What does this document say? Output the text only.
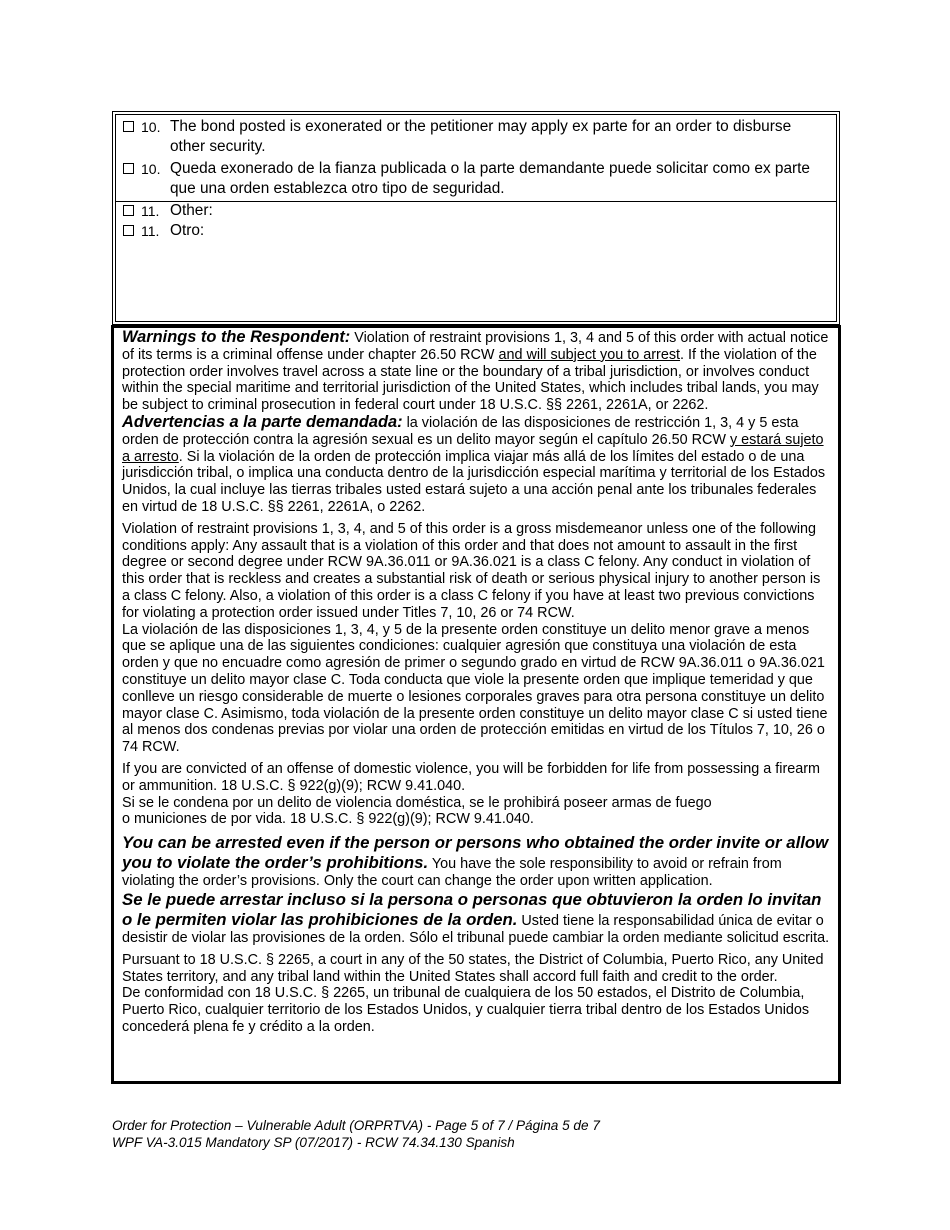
10. The bond posted is exonerated or the petitioner may apply ex parte for an order to disburse other security.
10. Queda exonerado de la fianza publicada o la parte demandante puede solicitar como ex parte que una orden establezca otro tipo de seguridad.
11. Other:
11. Otro:

Warnings to the Respondent: Violation of restraint provisions 1, 3, 4 and 5 of this order with actual notice of its terms is a criminal offense under chapter 26.50 RCW and will subject you to arrest. If the violation of the protection order involves travel across a state line or the boundary of a tribal jurisdiction, or involves conduct within the special maritime and territorial jurisdiction of the United States, which includes tribal lands, you may be subject to criminal prosecution in federal court under 18 U.S.C. §§ 2261, 2261A, or 2262.

Advertencias a la parte demandada: la violación de las disposiciones de restricción 1, 3, 4 y 5 esta orden de protección contra la agresión sexual es un delito mayor según el capítulo 26.50 RCW y estará sujeto a arresto. Si la violación de la orden de protección implica viajar más allá de los límites del estado o de una jurisdicción tribal, o implica una conducta dentro de la jurisdicción especial marítima y territorial de los Estados Unidos, la cual incluye las tierras tribales usted estará sujeto a una acción penal ante los tribunales federales en virtud de 18 U.S.C. §§ 2261, 2261A, o 2262.

Violation of restraint provisions 1, 3, 4, and 5 of this order is a gross misdemeanor unless one of the following conditions apply: Any assault that is a violation of this order and that does not amount to assault in the first degree or second degree under RCW 9A.36.011 or 9A.36.021 is a class C felony. Any conduct in violation of this order that is reckless and creates a substantial risk of death or serious physical injury to another person is a class C felony. Also, a violation of this order is a class C felony if you have at least two previous convictions for violating a protection order issued under Titles 7, 10, 26 or 74 RCW.

La violación de las disposiciones 1, 3, 4, y 5 de la presente orden constituye un delito menor grave a menos que se aplique una de las siguientes condiciones: cualquier agresión que constituya una violación de esta orden y que no encuadre como agresión de primer o segundo grado en virtud de RCW 9A.36.011 o 9A.36.021 constituye un delito mayor clase C. Toda conducta que viole la presente orden que implique temeridad y que conlleve un riesgo considerable de muerte o lesiones corporales graves para otra persona constituye un delito mayor clase C. Asimismo, toda violación de la presente orden constituye un delito mayor clase C si usted tiene al menos dos condenas previas por violar una orden de protección emitidas en virtud de los Títulos 7, 10, 26 o 74 RCW.

If you are convicted of an offense of domestic violence, you will be forbidden for life from possessing a firearm or ammunition. 18 U.S.C. § 922(g)(9); RCW 9.41.040.

Si se le condena por un delito de violencia doméstica, se le prohibirá poseer armas de fuego
o municiones de por vida. 18 U.S.C. § 922(g)(9); RCW 9.41.040.

You can be arrested even if the person or persons who obtained the order invite or allow you to violate the order’s prohibitions. You have the sole responsibility to avoid or refrain from violating the order’s provisions. Only the court can change the order upon written application.

Se le puede arrestar incluso si la persona o personas que obtuvieron la orden lo invitan o le permiten violar las prohibiciones de la orden. Usted tiene la responsabilidad única de evitar o desistir de violar las provisiones de la orden. Sólo el tribunal puede cambiar la orden mediante solicitud escrita.

Pursuant to 18 U.S.C. § 2265, a court in any of the 50 states, the District of Columbia, Puerto Rico, any United States territory, and any tribal land within the United States shall accord full faith and credit to the order.

De conformidad con 18 U.S.C. § 2265, un tribunal de cualquiera de los 50 estados, el Distrito de Columbia, Puerto Rico, cualquier territorio de los Estados Unidos, y cualquier tierra tribal dentro de los Estados Unidos concederá plena fe y crédito a la orden.

Order for Protection – Vulnerable Adult (ORPRTVA) - Page 5 of 7 / Página 5 de 7
WPF VA-3.015 Mandatory SP (07/2017) - RCW 74.34.130 Spanish
